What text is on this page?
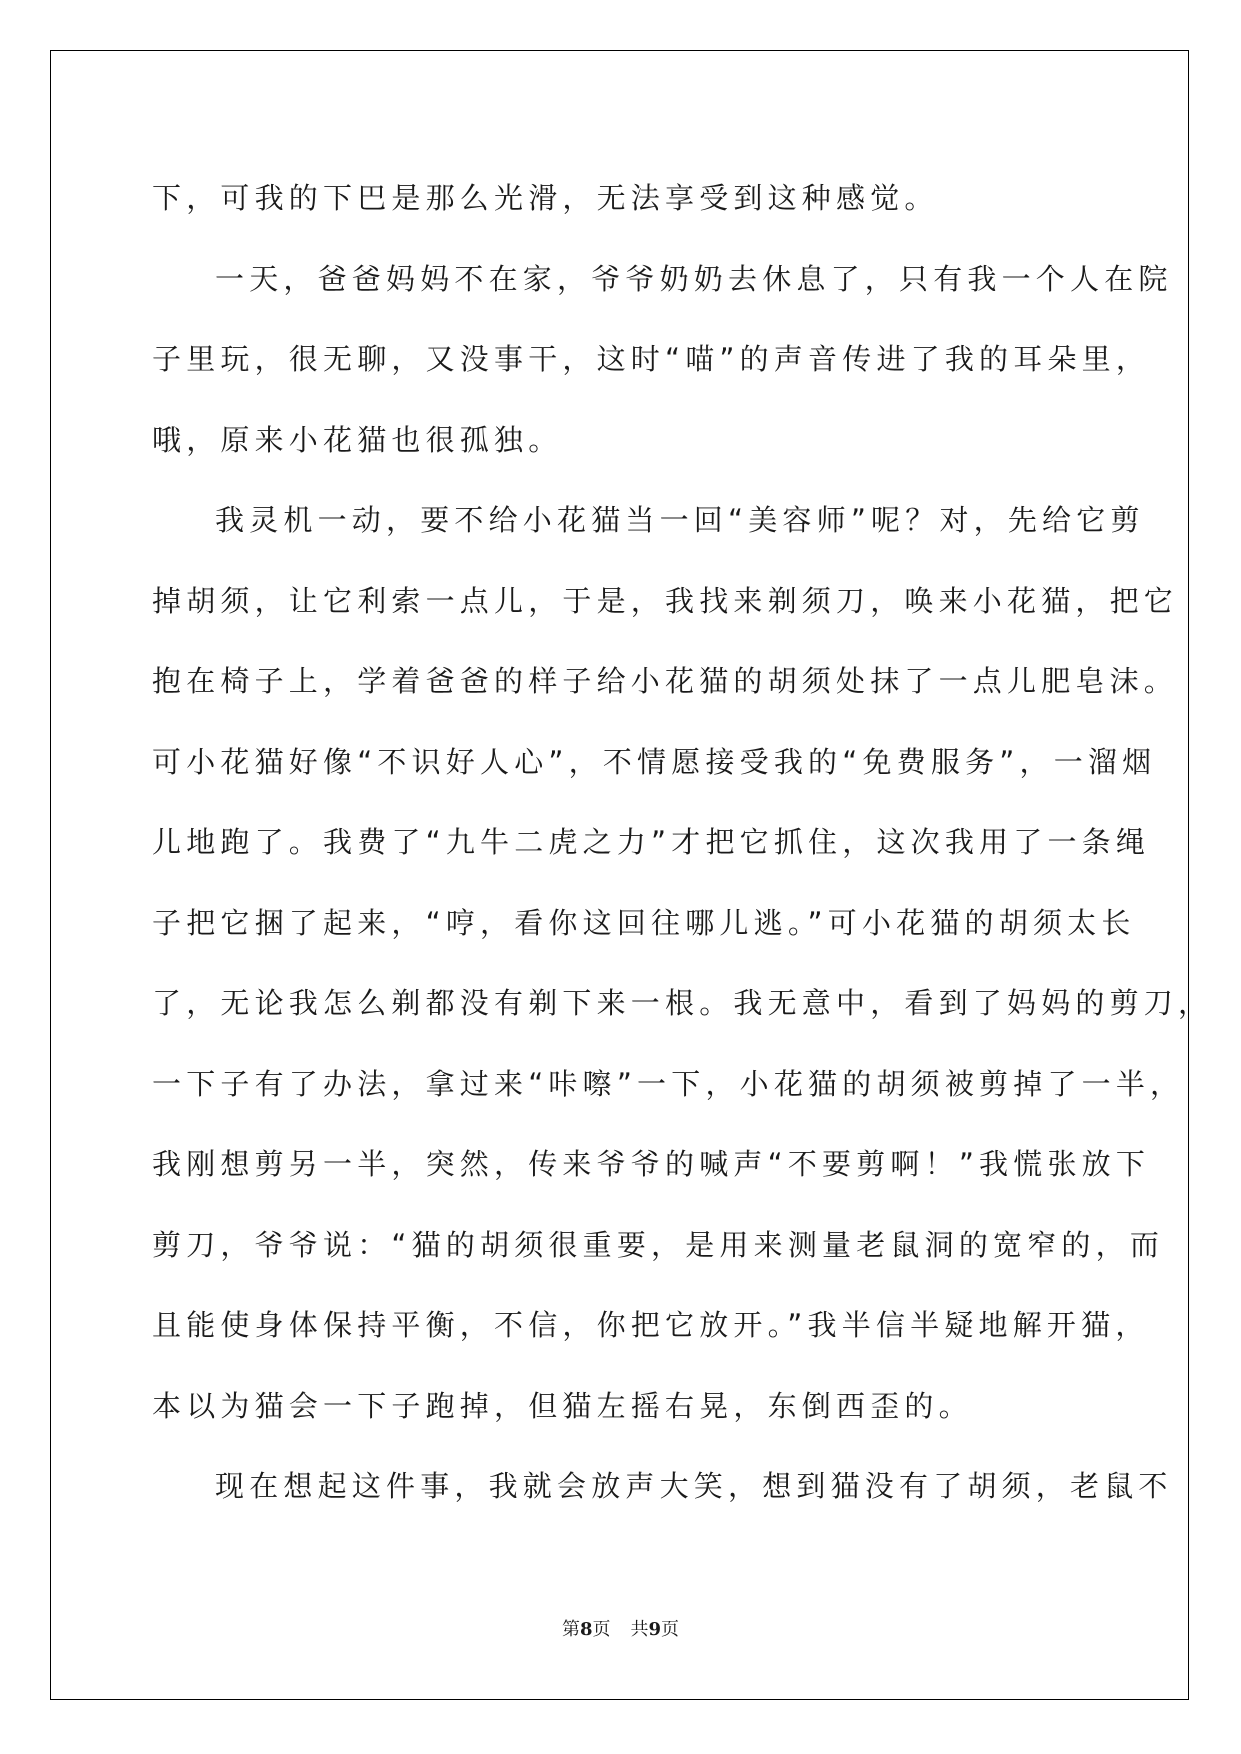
下，可我的下巴是那么光滑，无法享受到这种感觉。
一天，爸爸妈妈不在家，爷爷奶奶去休息了，只有我一个人在院
子里玩，很无聊，又没事干，这时“喵”的声音传进了我的耳朵里，
哦，原来小花猫也很孤独。
我灵机一动，要不给小花猫当一回“美容师”呢？对，先给它剪
掉胡须，让它利索一点儿，于是，我找来剃须刀，唤来小花猫，把它
抱在椅子上，学着爸爸的样子给小花猫的胡须处抹了一点儿肥皂沫。
可小花猫好像“不识好人心”，不情愿接受我的“免费服务”，一溜烟
儿地跑了。我费了“九牛二虎之力”才把它抓住，这次我用了一条绳
子把它捆了起来，“哼，看你这回往哪儿逃。”可小花猫的胡须太长
了，无论我怎么剃都没有剃下来一根。我无意中，看到了妈妈的剪刀，
一下子有了办法，拿过来“咔嚓”一下，小花猫的胡须被剪掉了一半，
我刚想剪另一半，突然，传来爷爷的喊声“不要剪啊！”我慌张放下
剪刀，爷爷说：“猫的胡须很重要，是用来测量老鼠洞的宽窄的，而
且能使身体保持平衡，不信，你把它放开。”我半信半疑地解开猫，
本以为猫会一下子跑掉，但猫左摇右晃，东倒西歪的。
现在想起这件事，我就会放声大笑，想到猫没有了胡须，老鼠不
第8页 共9页
